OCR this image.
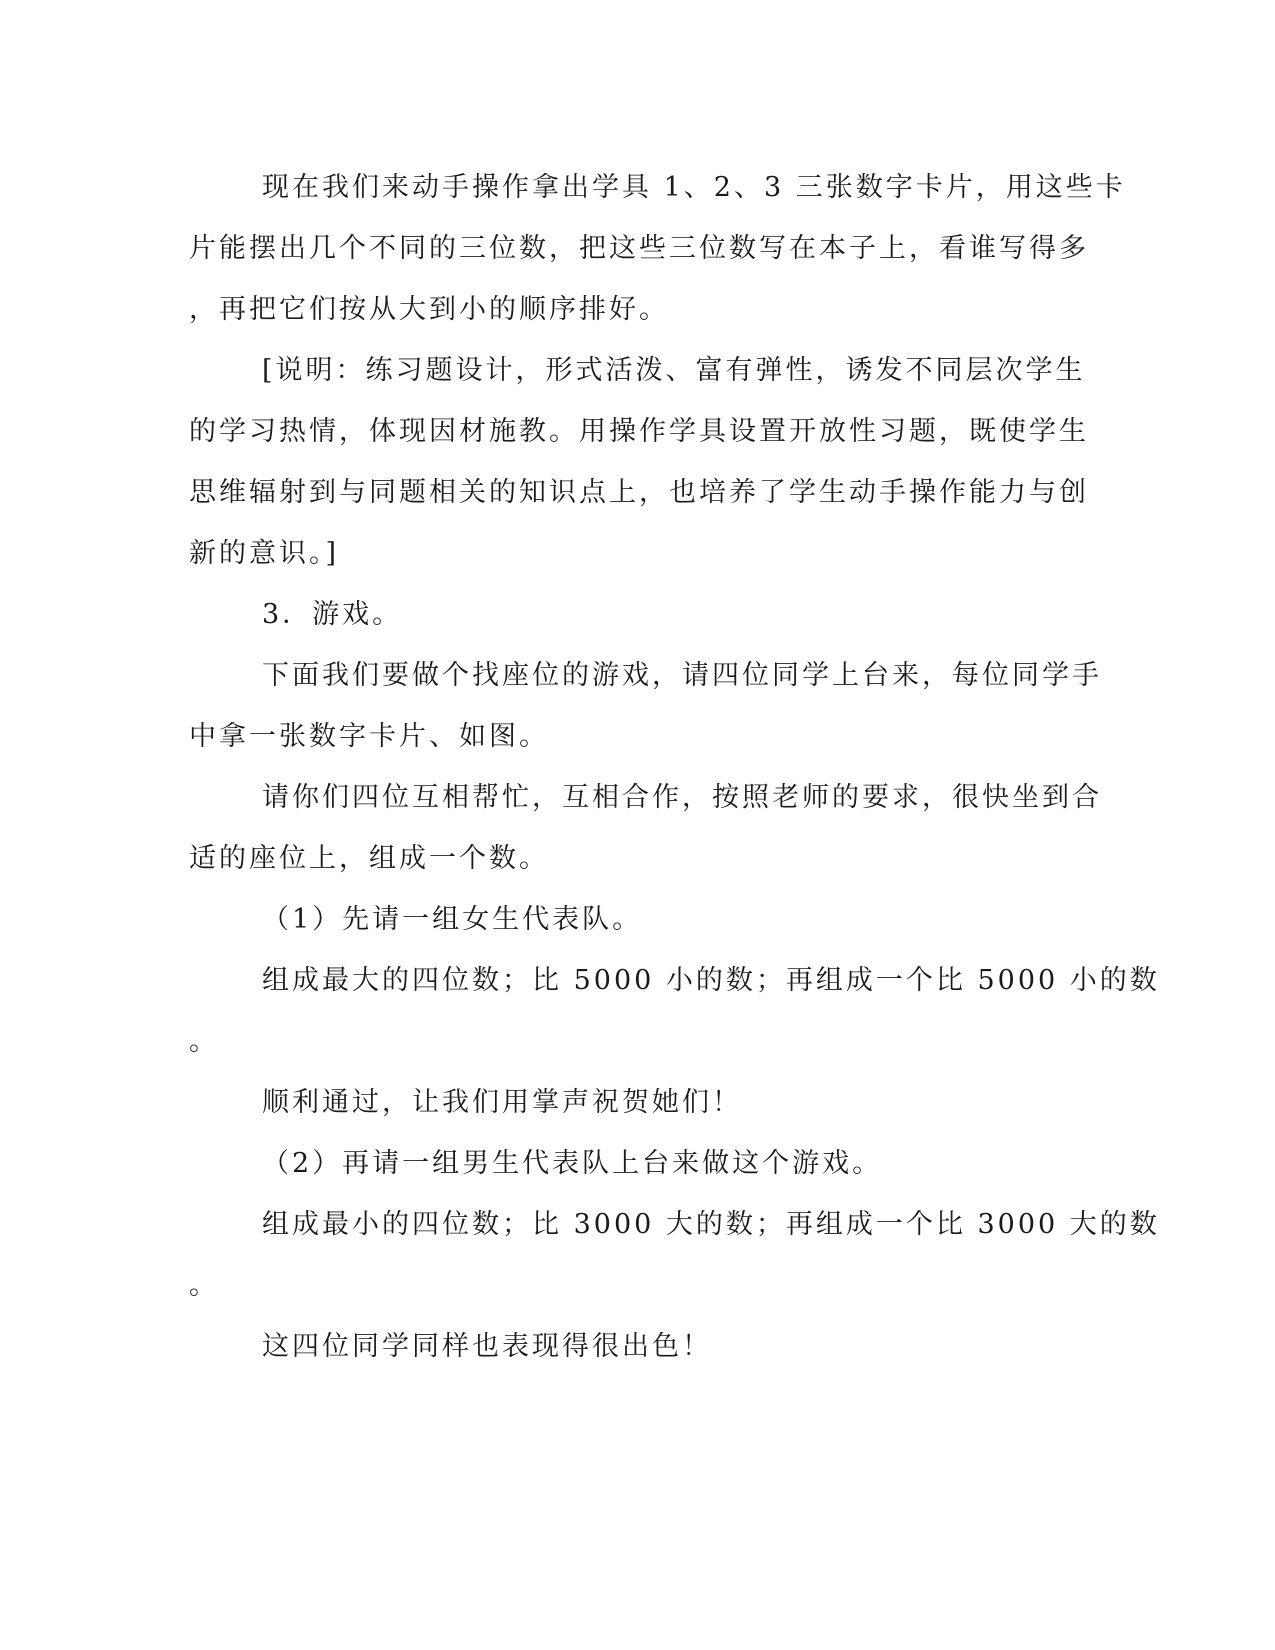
现在我们来动手操作拿出学具 1、2、3 三张数字卡片，用这些卡
片能摆出几个不同的三位数，把这些三位数写在本子上，看谁写得多
，再把它们按从大到小的顺序排好。
[说明：练习题设计，形式活泼、富有弹性，诱发不同层次学生
的学习热情，体现因材施教。用操作学具设置开放性习题，既使学生
思维辐射到与同题相关的知识点上，也培养了学生动手操作能力与创
新的意识。]
3．游戏。
下面我们要做个找座位的游戏，请四位同学上台来，每位同学手
中拿一张数字卡片、如图。
请你们四位互相帮忙，互相合作，按照老师的要求，很快坐到合
适的座位上，组成一个数。
（1）先请一组女生代表队。
组成最大的四位数；比 5000 小的数；再组成一个比 5000 小的数
。
顺利通过，让我们用掌声祝贺她们！
（2）再请一组男生代表队上台来做这个游戏。
组成最小的四位数；比 3000 大的数；再组成一个比 3000 大的数
。
这四位同学同样也表现得很出色！
